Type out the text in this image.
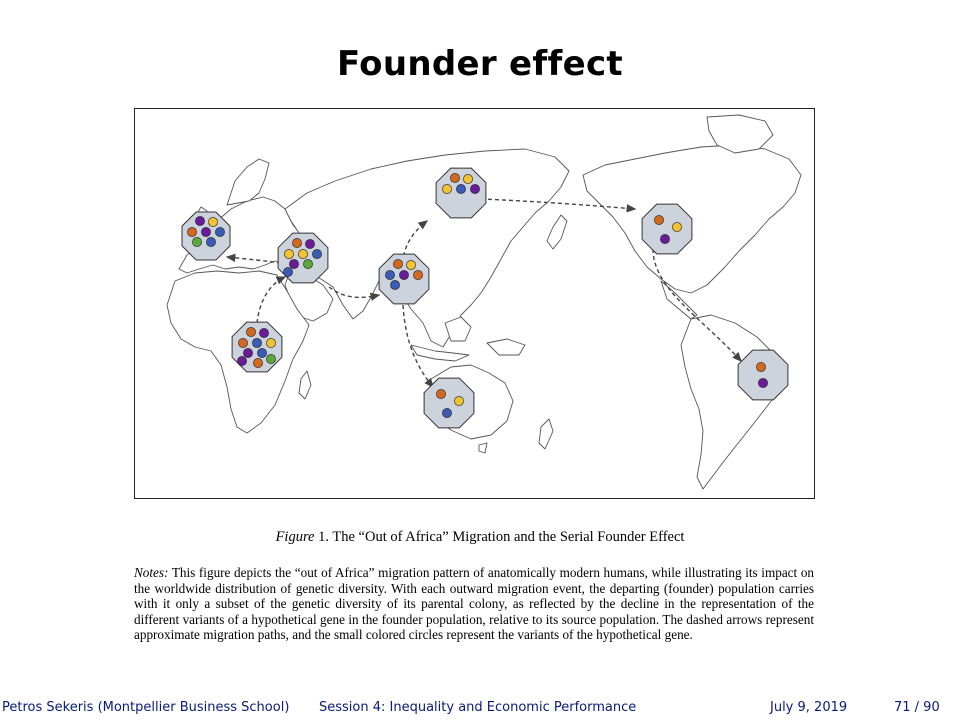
Founder effect
Figure 1. The “Out of Africa” Migration and the Serial Founder Effect
Notes: This figure depicts the “out of Africa” migration pattern of anatomically modern humans, while illustrating its impact on the worldwide distribution of genetic diversity. With each outward migration event, the departing (founder) population carries with it only a subset of the genetic diversity of its parental colony, as reflected by the decline in the representation of the different variants of a hypothetical gene in the founder population, relative to its source population. The dashed arrows represent approximate migration paths, and the small colored circles represent the variants of the hypothetical gene.
Petros Sekeris (Montpellier Business School) Session 4: Inequality and Economic Performance	July 9, 2019	71 / 90
